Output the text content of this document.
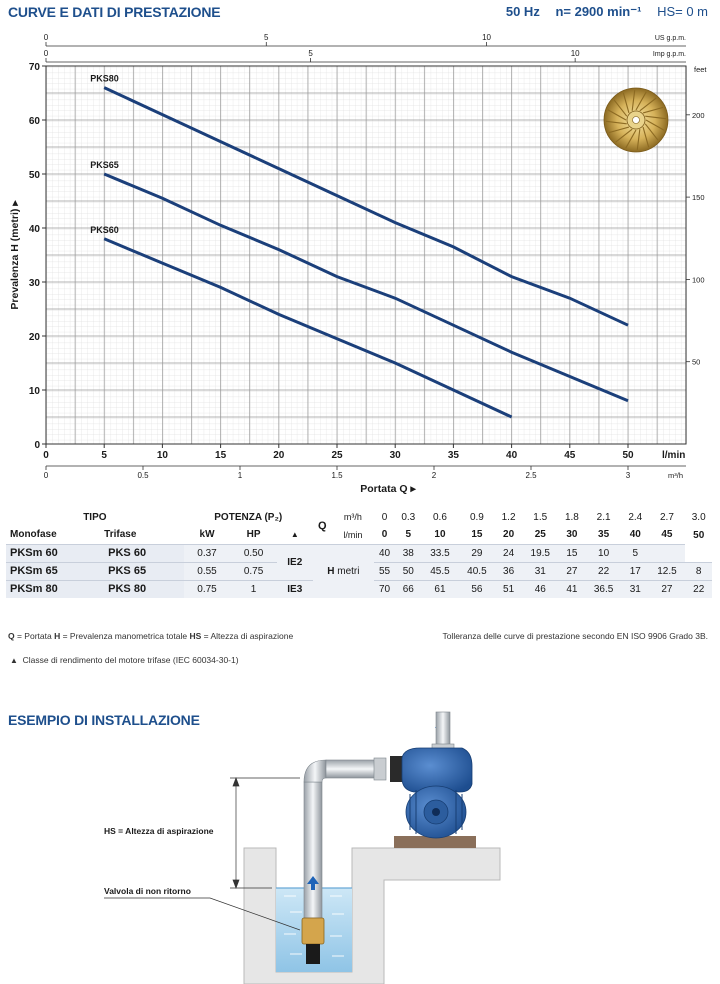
CURVE E DATI DI PRESTAZIONE	50 Hz n= 2900 min⁻¹ HS= 0 m
0	5	10	15	20	25	30	35	40	45	50	l/min
0
10
20
30
40
50
60
70
Prevalenza H (metri) ▸
0	0.5	1	1.5	2	2.5	3	m³/h
Portata Q ▸
0	5	10	US g.p.m.
0	5	10	Imp g.p.m.
feet
50
100
150
200
PKS80
PKS65
PKS60
TIPO		POTENZA (P₂)			Q	m³/h	0	0.3	0.6	0.9	1.2	1.5	1.8	2.1	2.4	2.7	3.0
Monofase	Trifase	kW	HP	▲		l/min	0	5	10	15	20	25	30	35	40	45	50
PKSm 60	PKS 60	0.37	0.50	IE2	H metri		40	38	33.5	29	24	19.5	15	10	5		
PKSm 65	PKS 65	0.55	0.75				55	50	45.5	40.5	36	31	27	22	17	12.5	8
PKSm 80	PKS 80	0.75	1	IE3			70	66	61	56	51	46	41	36.5	31	27	22
Q = Portata H = Prevalenza manometrica totale HS = Altezza di aspirazione	Tolleranza delle curve di prestazione secondo EN ISO 9906 Grado 3B.
▲ Classe di rendimento del motore trifase (IEC 60034-30-1)
ESEMPIO DI INSTALLAZIONE
HS = Altezza di aspirazione
Valvola di non ritorno
